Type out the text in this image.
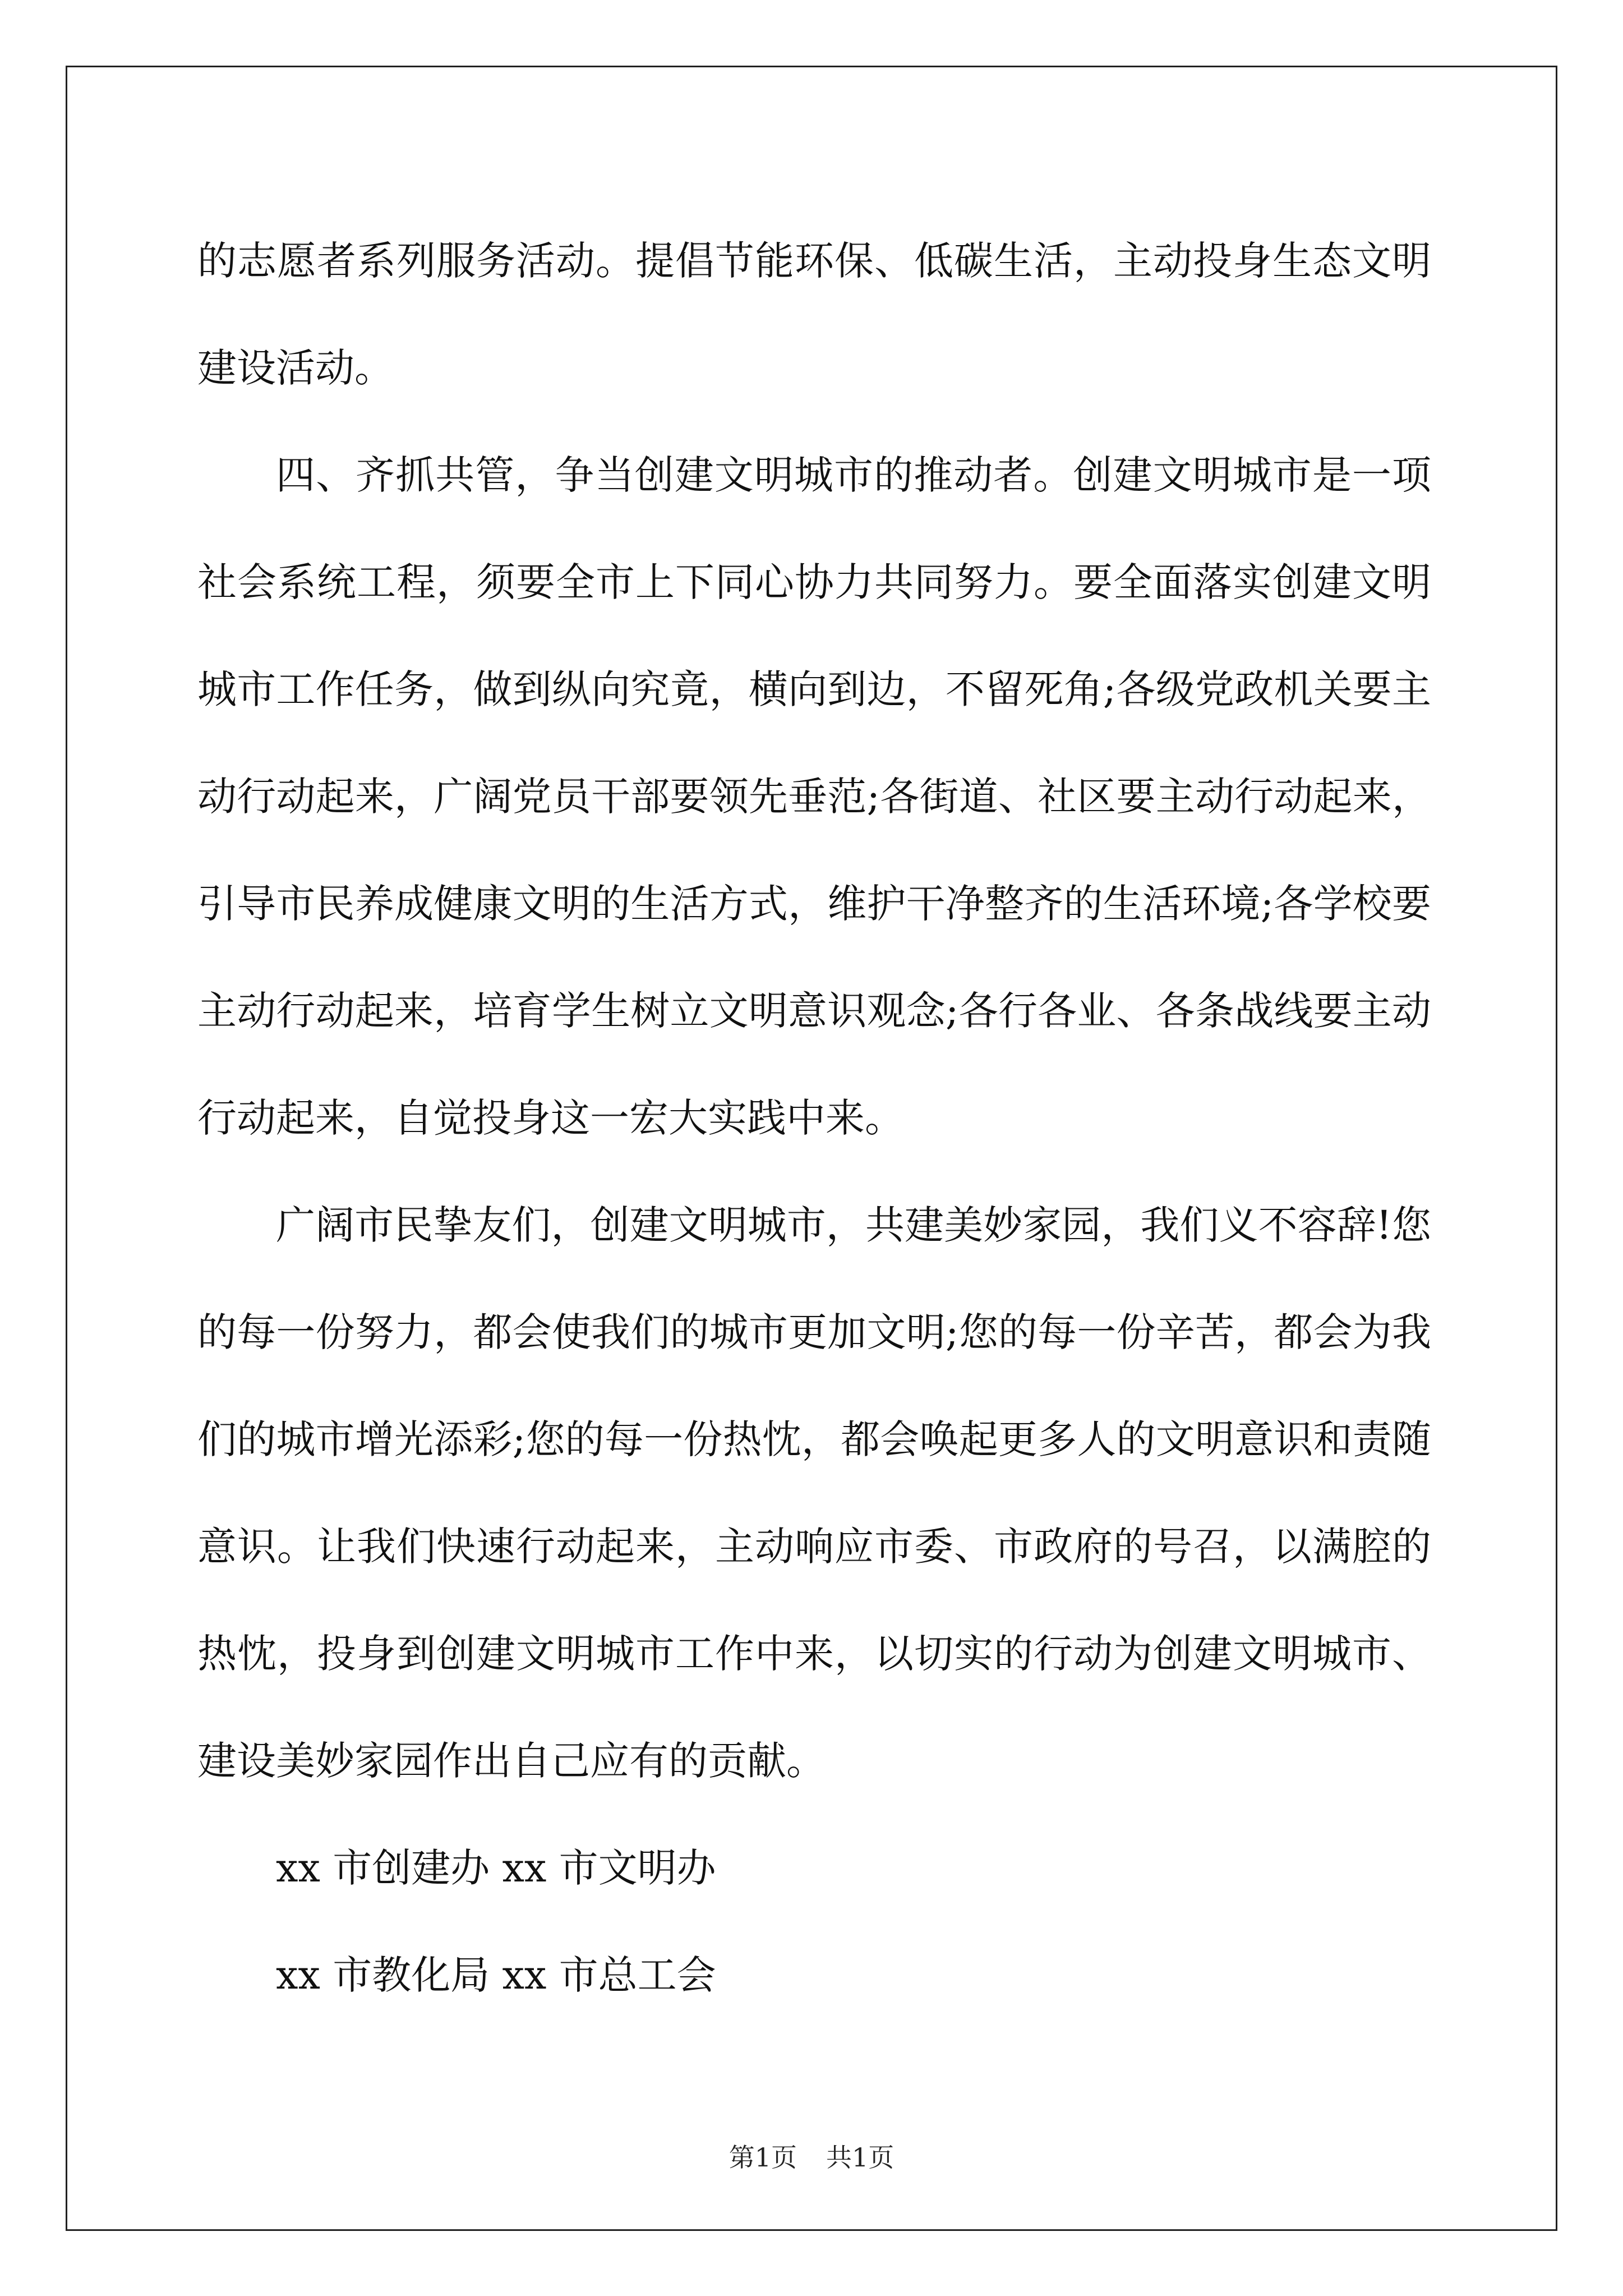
的志愿者系列服务活动。提倡节能环保、低碳生活，主动投身生态文明建设活动。

四、齐抓共管，争当创建文明城市的推动者。创建文明城市是一项社会系统工程，须要全市上下同心协力共同努力。要全面落实创建文明城市工作任务，做到纵向究竟，横向到边，不留死角;各级党政机关要主动行动起来，广阔党员干部要领先垂范;各街道、社区要主动行动起来，引导市民养成健康文明的生活方式，维护干净整齐的生活环境;各学校要主动行动起来，培育学生树立文明意识观念;各行各业、各条战线要主动行动起来，自觉投身这一宏大实践中来。

广阔市民挚友们，创建文明城市，共建美妙家园，我们义不容辞!您的每一份努力，都会使我们的城市更加文明;您的每一份辛苦，都会为我们的城市增光添彩;您的每一份热忱，都会唤起更多人的文明意识和责随意识。让我们快速行动起来，主动响应市委、市政府的号召，以满腔的热忱，投身到创建文明城市工作中来，以切实的行动为创建文明城市、建设美妙家园作出自己应有的贡献。

xx 市创建办 xx 市文明办

xx 市教化局 xx 市总工会

第1页 共1页
